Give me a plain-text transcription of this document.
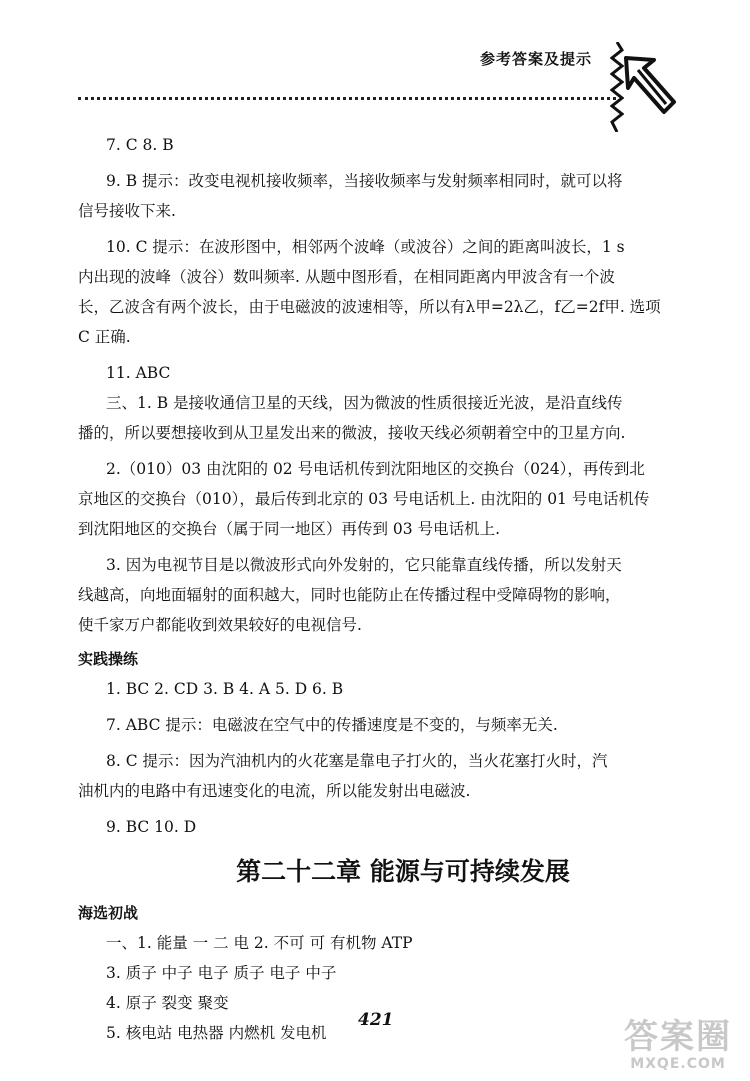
参考答案及提示
7. C 8. B
9. B 提示：改变电视机接收频率，当接收频率与发射频率相同时，就可以将
信号接收下来.
10. C 提示：在波形图中，相邻两个波峰（或波谷）之间的距离叫波长，1 s
内出现的波峰（波谷）数叫频率. 从题中图形看，在相同距离内甲波含有一个波
长，乙波含有两个波长，由于电磁波的波速相等，所以有λ甲=2λ乙，f乙=2f甲. 选项
C 正确.
11. ABC
三、1. B 是接收通信卫星的天线，因为微波的性质很接近光波，是沿直线传
播的，所以要想接收到从卫星发出来的微波，接收天线必须朝着空中的卫星方向.
2.（010）03 由沈阳的 02 号电话机传到沈阳地区的交换台（024），再传到北
京地区的交换台（010），最后传到北京的 03 号电话机上. 由沈阳的 01 号电话机传
到沈阳地区的交换台（属于同一地区）再传到 03 号电话机上.
3. 因为电视节目是以微波形式向外发射的，它只能靠直线传播，所以发射天
线越高，向地面辐射的面积越大，同时也能防止在传播过程中受障碍物的影响，
使千家万户都能收到效果较好的电视信号.
实践操练
1. BC 2. CD 3. B 4. A 5. D 6. B
7. ABC 提示：电磁波在空气中的传播速度是不变的，与频率无关.
8. C 提示：因为汽油机内的火花塞是靠电子打火的，当火花塞打火时，汽
油机内的电路中有迅速变化的电流，所以能发射出电磁波.
9. BC 10. D
第二十二章 能源与可持续发展
海选初战
一、1. 能量 一 二 电 2. 不可 可 有机物 ATP
3. 质子 中子 电子 质子 电子 中子
4. 原子 裂变 聚变
5. 核电站 电热器 内燃机 发电机
421	答案圈
MXQE.COM
